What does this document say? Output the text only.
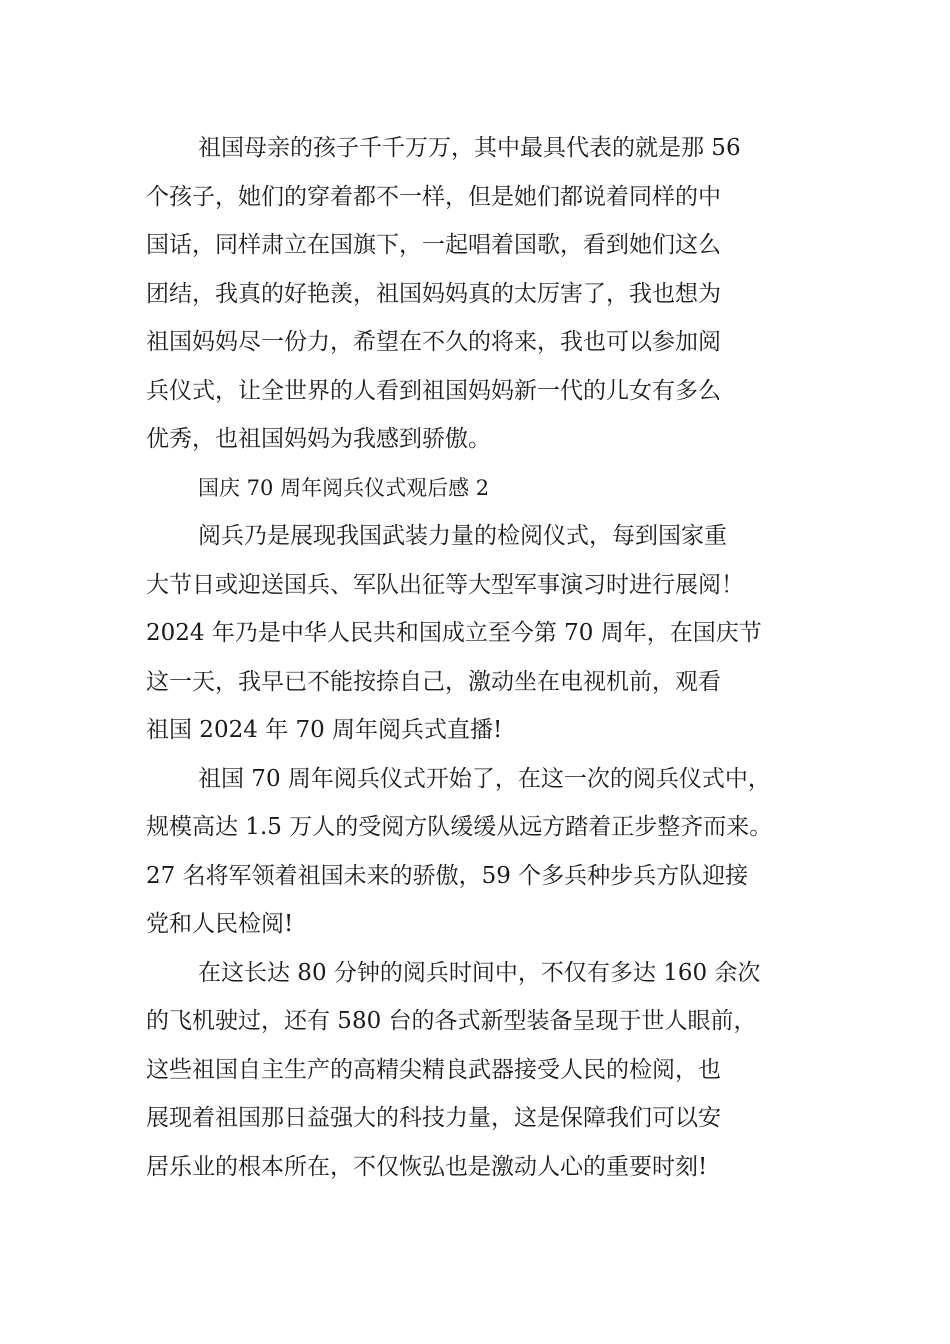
祖国母亲的孩子千千万万，其中最具代表的就是那 56
个孩子，她们的穿着都不一样，但是她们都说着同样的中
国话，同样肃立在国旗下，一起唱着国歌，看到她们这么
团结，我真的好艳羡，祖国妈妈真的太厉害了，我也想为
祖国妈妈尽一份力，希望在不久的将来，我也可以参加阅
兵仪式，让全世界的人看到祖国妈妈新一代的儿女有多么
优秀，也祖国妈妈为我感到骄傲。
国庆 70 周年阅兵仪式观后感 2
阅兵乃是展现我国武装力量的检阅仪式，每到国家重
大节日或迎送国兵、军队出征等大型军事演习时进行展阅！
2024 年乃是中华人民共和国成立至今第 70 周年，在国庆节
这一天，我早已不能按捺自己，激动坐在电视机前，观看
祖国 2024 年 70 周年阅兵式直播!
祖国 70 周年阅兵仪式开始了，在这一次的阅兵仪式中，
规模高达 1.5 万人的受阅方队缓缓从远方踏着正步整齐而来。
27 名将军领着祖国未来的骄傲，59 个多兵种步兵方队迎接
党和人民检阅!
在这长达 80 分钟的阅兵时间中，不仅有多达 160 余次
的飞机驶过，还有 580 台的各式新型装备呈现于世人眼前，
这些祖国自主生产的高精尖精良武器接受人民的检阅，也
展现着祖国那日益强大的科技力量，这是保障我们可以安
居乐业的根本所在，不仅恢弘也是激动人心的重要时刻!
